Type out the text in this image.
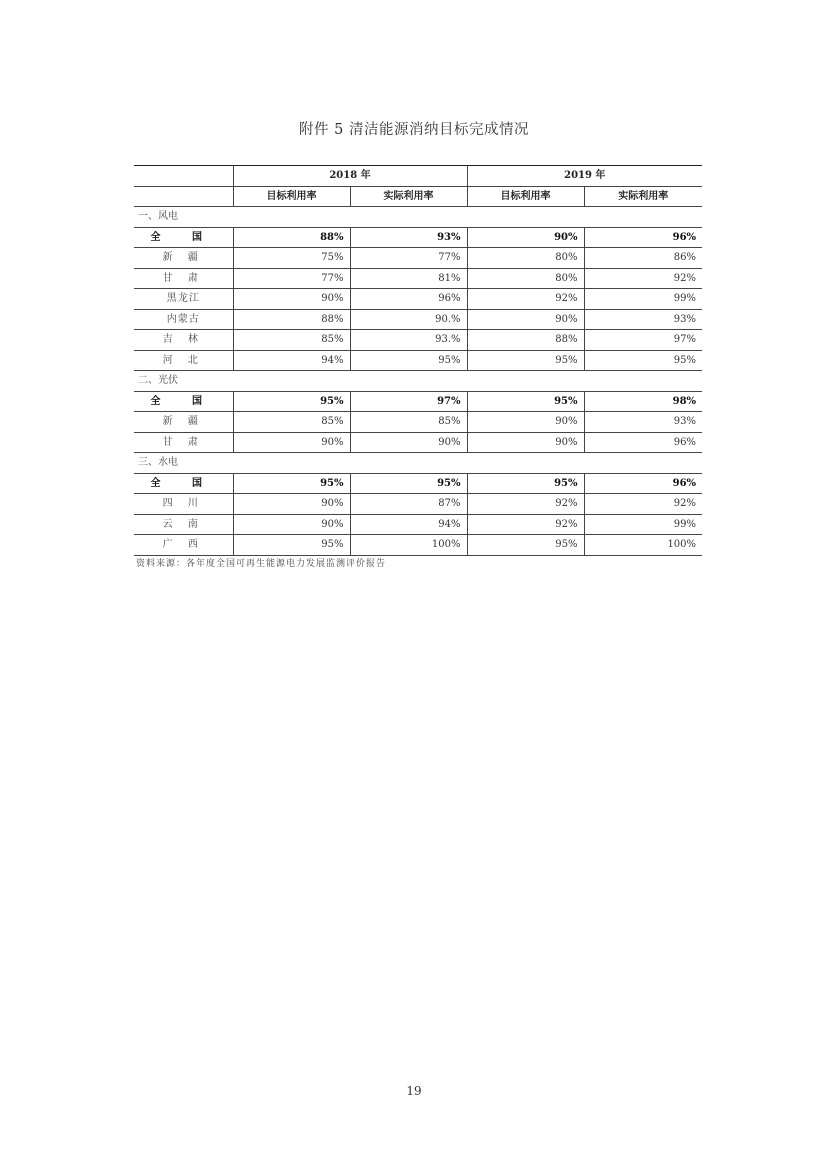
附件 5 清洁能源消纳目标完成情况
	2018 年		2019 年	
	目标利用率	实际利用率	目标利用率	实际利用率
一、风电				
全 国	88%	93%	90%	96%
新 疆	75%	77%	80%	86%
甘 肃	77%	81%	80%	92%
黑龙江	90%	96%	92%	99%
内蒙古	88%	90.%	90%	93%
吉 林	85%	93.%	88%	97%
河 北	94%	95%	95%	95%
二、光伏				
全 国	95%	97%	95%	98%
新 疆	85%	85%	90%	93%
甘 肃	90%	90%	90%	96%
三、水电				
全 国	95%	95%	95%	96%
四 川	90%	87%	92%	92%
云 南	90%	94%	92%	99%
广 西	95%	100%	95%	100%
资料来源：各年度全国可再生能源电力发展监测评价报告
19
